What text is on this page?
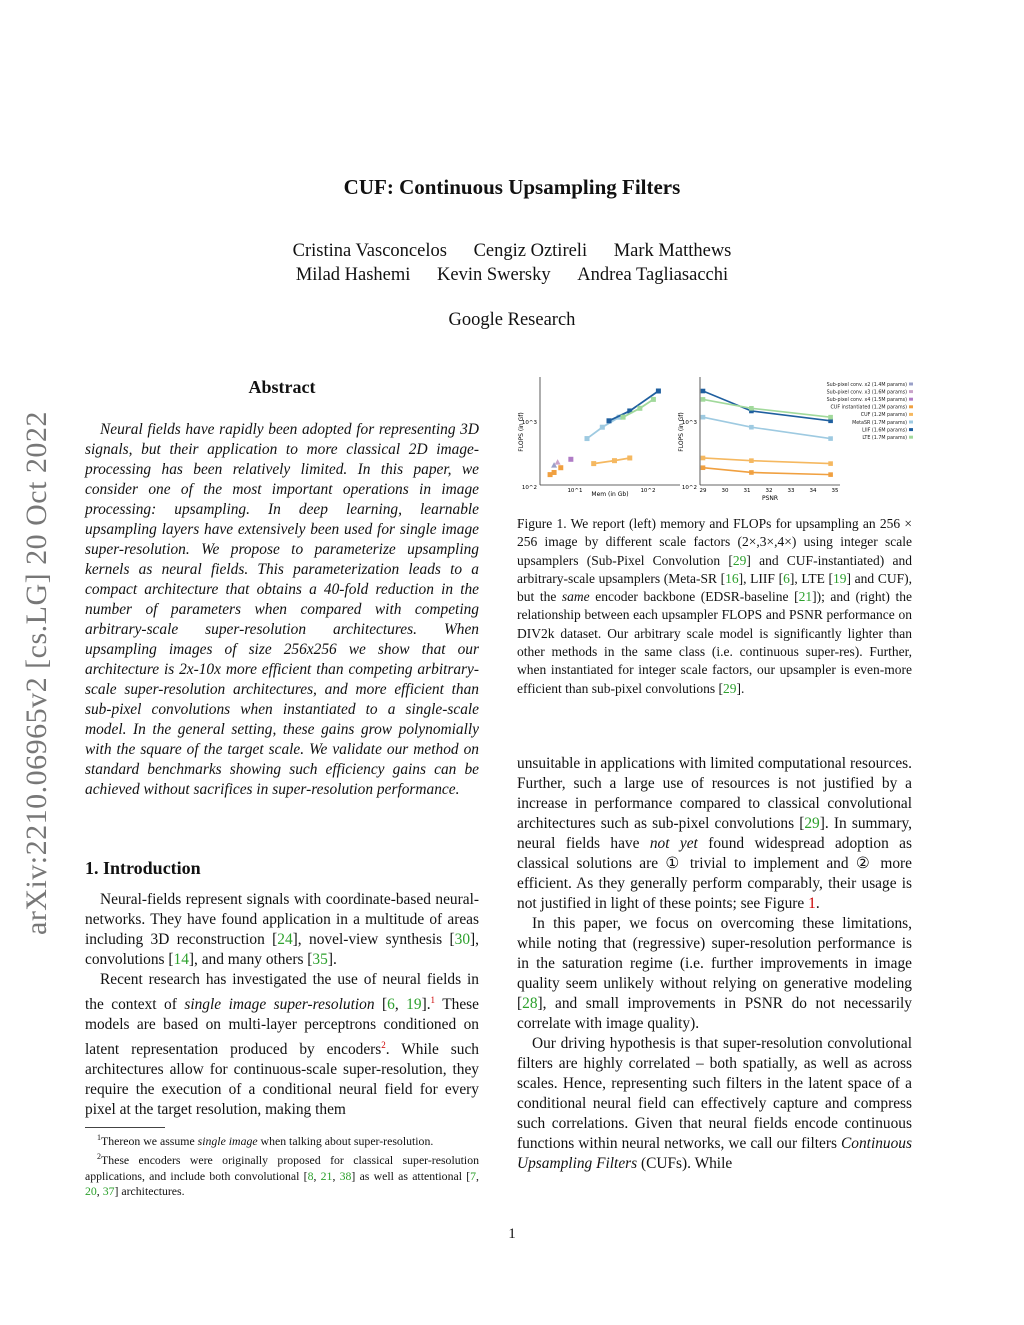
CUF: Continuous Upsampling Filters
Cristina Vasconcelos Cengiz Oztireli Mark Matthews
Milad Hashemi Kevin Swersky Andrea Tagliasacchi
Google Research
arXiv:2210.06965v2 [cs.LG] 20 Oct 2022
Abstract

Neural fields have rapidly been adopted for representing 3D signals, but their application to more classical 2D image-processing has been relatively limited. In this paper, we consider one of the most important operations in image processing: upsampling. In deep learning, learnable upsampling layers have extensively been used for single image super-resolution. We propose to parameterize upsampling kernels as neural fields. This parameterization leads to a compact architecture that obtains a 40-fold reduction in the number of parameters when compared with competing arbitrary-scale super-resolution architectures. When upsampling images of size 256x256 we show that our architecture is 2x-10x more efficient than competing arbitrary-scale super-resolution architectures, and more efficient than sub-pixel convolutions when instantiated to a single-scale model. In the general setting, these gains grow polynomially with the square of the target scale. We validate our method on standard benchmarks showing such efficiency gains can be achieved without sacrifices in super-resolution performance.

1. Introduction

Neural-fields represent signals with coordinate-based neural-networks. They have found application in a multitude of areas including 3D reconstruction [24], novel-view synthesis [30], convolutions [14], and many others [35].

Recent research has investigated the use of neural fields in the context of single image super-resolution [6, 19].$^1$ These models are based on multi-layer perceptrons conditioned on latent representation produced by encoders$^2$. While such architectures allow for continuous-scale super-resolution, they require the execution of a conditional neural field for every pixel at the target resolution, making them

$^1$Thereon we assume single image when talking about super-resolution.

$^2$These encoders were originally proposed for classical super-resolution applications, and include both convolutional [8, 21, 38] as well as attentional [7, 20, 37] architectures.

FLOPS (in Gf)
Mem (in Gb)
10^2
10^3
10^1	10^2
FLOPS (in Gf)
PSNR
10^2
10^3
29	30	31	32	33	34	35
Sub-pixel conv. x2 (1.4M params)
Sub-pixel conv. x3 (1.6M params)
Sub-pixel conv. x4 (1.5M params)
CUF instantiated (1.2M params)
CUF (1.2M params)
MetaSR (1.7M params)
LIIF (1.6M params)
LTE (1.7M params)
Figure 1. We report (left) memory and FLOPs for upsampling an 256 × 256 image by different scale factors (2×,3×,4×) using integer scale upsamplers (Sub-Pixel Convolution [29] and CUF-instantiated) and arbitrary-scale upsamplers (Meta-SR [16], LIIF [6], LTE [19] and CUF), but the same encoder backbone (EDSR-baseline [21]); and (right) the relationship between each upsampler FLOPS and PSNR performance on DIV2k dataset. Our arbitrary scale model is significantly lighter than other methods in the same class (i.e. continuous super-res). Further, when instantiated for integer scale factors, our upsampler is even-more efficient than sub-pixel convolutions [29].

unsuitable in applications with limited computational resources. Further, such a large use of resources is not justified by a increase in performance compared to classical convolutional architectures such as sub-pixel convolutions [29]. In summary, neural fields have not yet found widespread adoption as classical solutions are ① trivial to implement and ② more efficient. As they generally perform comparably, their usage is not justified in light of these points; see Figure 1.

In this paper, we focus on overcoming these limitations, while noting that (regressive) super-resolution performance is in the saturation regime (i.e. further improvements in image quality seem unlikely without relying on generative modeling [28], and small improvements in PSNR do not necessarily correlate with image quality).

Our driving hypothesis is that super-resolution convolutional filters are highly correlated – both spatially, as well as across scales. Hence, representing such filters in the latent space of a conditional neural field can effectively capture and compress such correlations. Given that neural fields encode continuous functions within neural networks, we call our filters Continuous Upsampling Filters (CUFs). While

1
